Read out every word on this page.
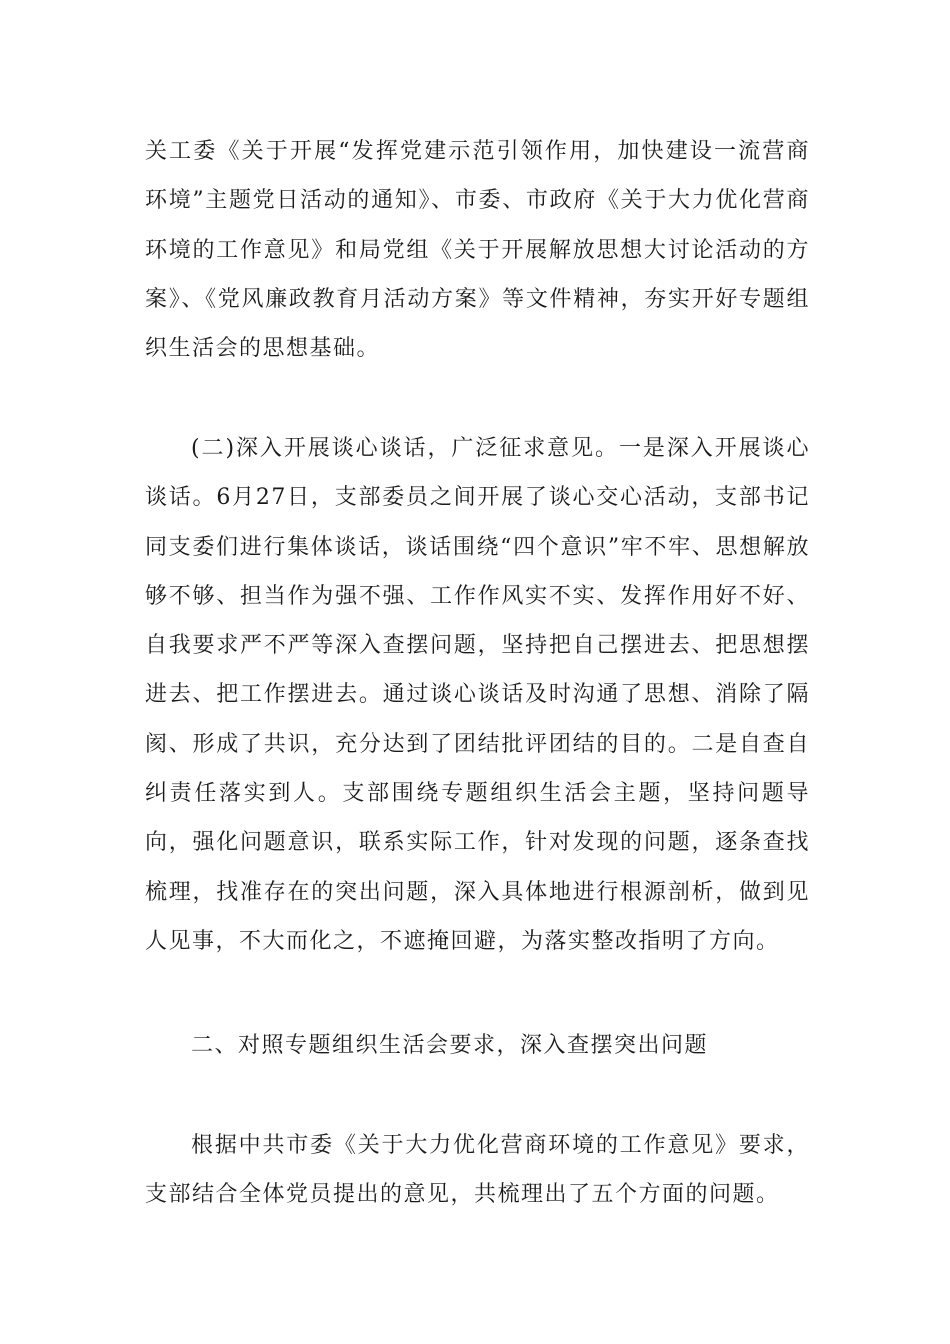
关工委《关于开展“发挥党建示范引领作用，加快建设一流营商环境”主题党日活动的通知》、市委、市政府《关于大力优化营商环境的工作意见》和局党组《关于开展解放思想大讨论活动的方案》、《党风廉政教育月活动方案》等文件精神，夯实开好专题组织生活会的思想基础。

(二)深入开展谈心谈话，广泛征求意见。一是深入开展谈心谈话。6月27日，支部委员之间开展了谈心交心活动，支部书记同支委们进行集体谈话，谈话围绕“四个意识”牢不牢、思想解放够不够、担当作为强不强、工作作风实不实、发挥作用好不好、自我要求严不严等深入查摆问题，坚持把自己摆进去、把思想摆进去、把工作摆进去。通过谈心谈话及时沟通了思想、消除了隔阂、形成了共识，充分达到了团结批评团结的目的。二是自查自纠责任落实到人。支部围绕专题组织生活会主题，坚持问题导向，强化问题意识，联系实际工作，针对发现的问题，逐条查找梳理，找准存在的突出问题，深入具体地进行根源剖析，做到见人见事，不大而化之，不遮掩回避，为落实整改指明了方向。

二、对照专题组织生活会要求，深入查摆突出问题

根据中共市委《关于大力优化营商环境的工作意见》要求，支部结合全体党员提出的意见，共梳理出了五个方面的问题。
